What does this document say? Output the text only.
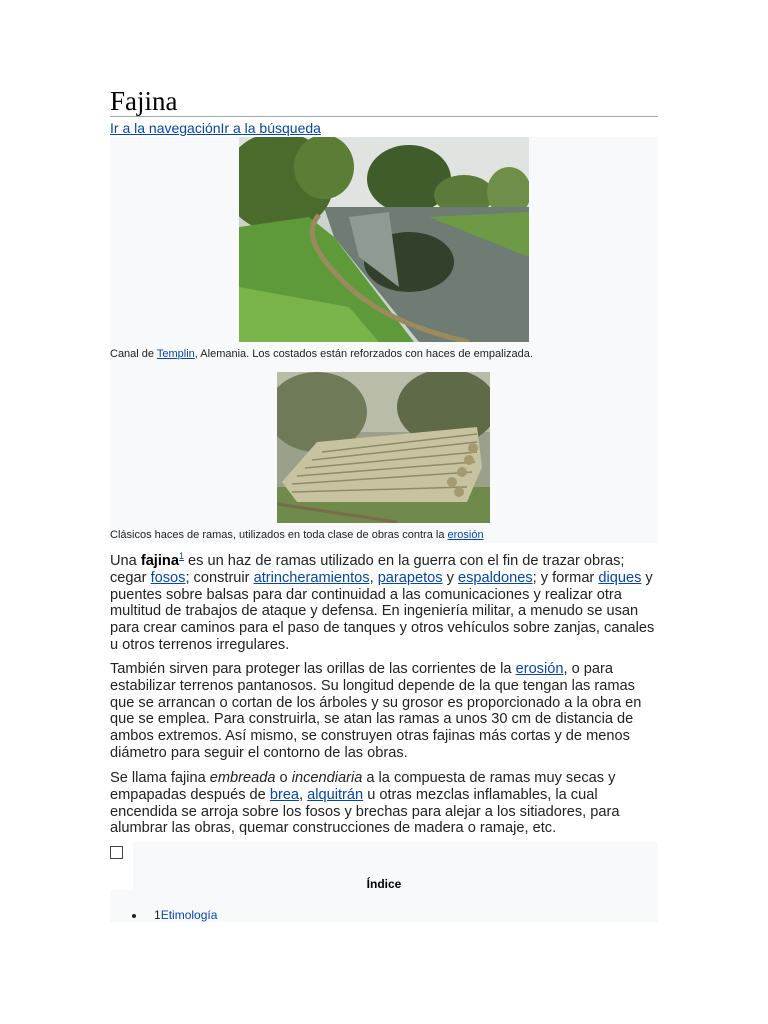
Fajina
Ir a la navegaciónIr a la búsqueda
Canal de Templin, Alemania. Los costados están reforzados con haces de empalizada.
Clásicos haces de ramas, utilizados en toda clase de obras contra la erosión

Una fajina$^1$ es un haz de ramas utilizado en la guerra con el fin de trazar obras; cegar fosos; construir atrincheramientos, parapetos y espaldones; y formar diques y puentes sobre balsas para dar continuidad a las comunicaciones y realizar otra multitud de trabajos de ataque y defensa. En ingeniería militar, a menudo se usan para crear caminos para el paso de tanques y otros vehículos sobre zanjas, canales u otros terrenos irregulares.

También sirven para proteger las orillas de las corrientes de la erosión, o para estabilizar terrenos pantanosos. Su longitud depende de la que tengan las ramas que se arrancan o cortan de los árboles y su grosor es proporcionado a la obra en que se emplea. Para construirla, se atan las ramas a unos 30 cm de distancia de ambos extremos. Así mismo, se construyen otras fajinas más cortas y de menos diámetro para seguir el contorno de las obras.

Se llama fajina embreada o incendiaria a la compuesta de ramas muy secas y empapadas después de brea, alquitrán u otras mezclas inflamables, la cual encendida se arroja sobre los fosos y brechas para alejar a los sitiadores, para alumbrar las obras, quemar construcciones de madera o ramaje, etc.

Índice
1Etimología
